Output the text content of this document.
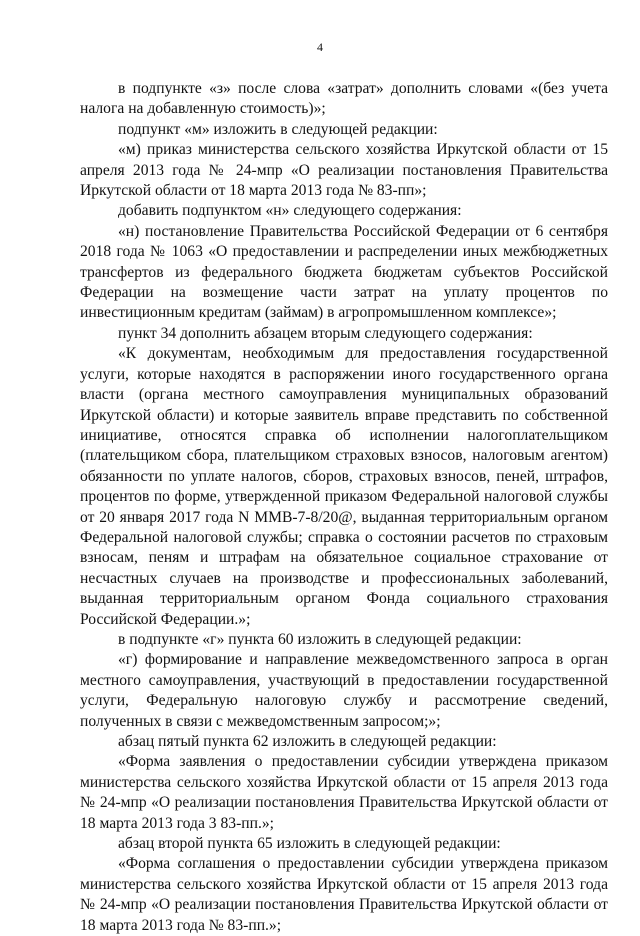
4

в подпункте «з» после слова «затрат» дополнить словами «(без учета налога на добавленную стоимость)»;

подпункт «м» изложить в следующей редакции:

«м) приказ министерства сельского хозяйства Иркутской области от 15 апреля 2013 года № 24-мпр «О реализации постановления Правительства Иркутской области от 18 марта 2013 года № 83-пп»;

добавить подпунктом «н» следующего содержания:

«н) постановление Правительства Российской Федерации от 6 сентября 2018 года № 1063 «О предоставлении и распределении иных межбюджетных трансфертов из федерального бюджета бюджетам субъектов Российской Федерации на возмещение части затрат на уплату процентов по инвестиционным кредитам (займам) в агропромышленном комплексе»;

пункт 34 дополнить абзацем вторым следующего содержания:

«К документам, необходимым для предоставления государственной услуги, которые находятся в распоряжении иного государственного органа власти (органа местного самоуправления муниципальных образований Иркутской области) и которые заявитель вправе представить по собственной инициативе, относятся справка об исполнении налогоплательщиком (плательщиком сбора, плательщиком страховых взносов, налоговым агентом) обязанности по уплате налогов, сборов, страховых взносов, пеней, штрафов, процентов по форме, утвержденной приказом Федеральной налоговой службы от 20 января 2017 года N ММВ-7-8/20@, выданная территориальным органом Федеральной налоговой службы; справка о состоянии расчетов по страховым взносам, пеням и штрафам на обязательное социальное страхование от несчастных случаев на производстве и профессиональных заболеваний, выданная территориальным органом Фонда социального страхования Российской Федерации.»;

в подпункте «г» пункта 60 изложить в следующей редакции:

«г) формирование и направление межведомственного запроса в орган местного самоуправления, участвующий в предоставлении государственной услуги, Федеральную налоговую службу и рассмотрение сведений, полученных в связи с межведомственным запросом;»;

абзац пятый пункта 62 изложить в следующей редакции:

«Форма заявления о предоставлении субсидии утверждена приказом министерства сельского хозяйства Иркутской области от 15 апреля 2013 года № 24-мпр «О реализации постановления Правительства Иркутской области от 18 марта 2013 года 3 83-пп.»;

абзац второй пункта 65 изложить в следующей редакции:

«Форма соглашения о предоставлении субсидии утверждена приказом министерства сельского хозяйства Иркутской области от 15 апреля 2013 года № 24-мпр «О реализации постановления Правительства Иркутской области от 18 марта 2013 года № 83-пп.»;
